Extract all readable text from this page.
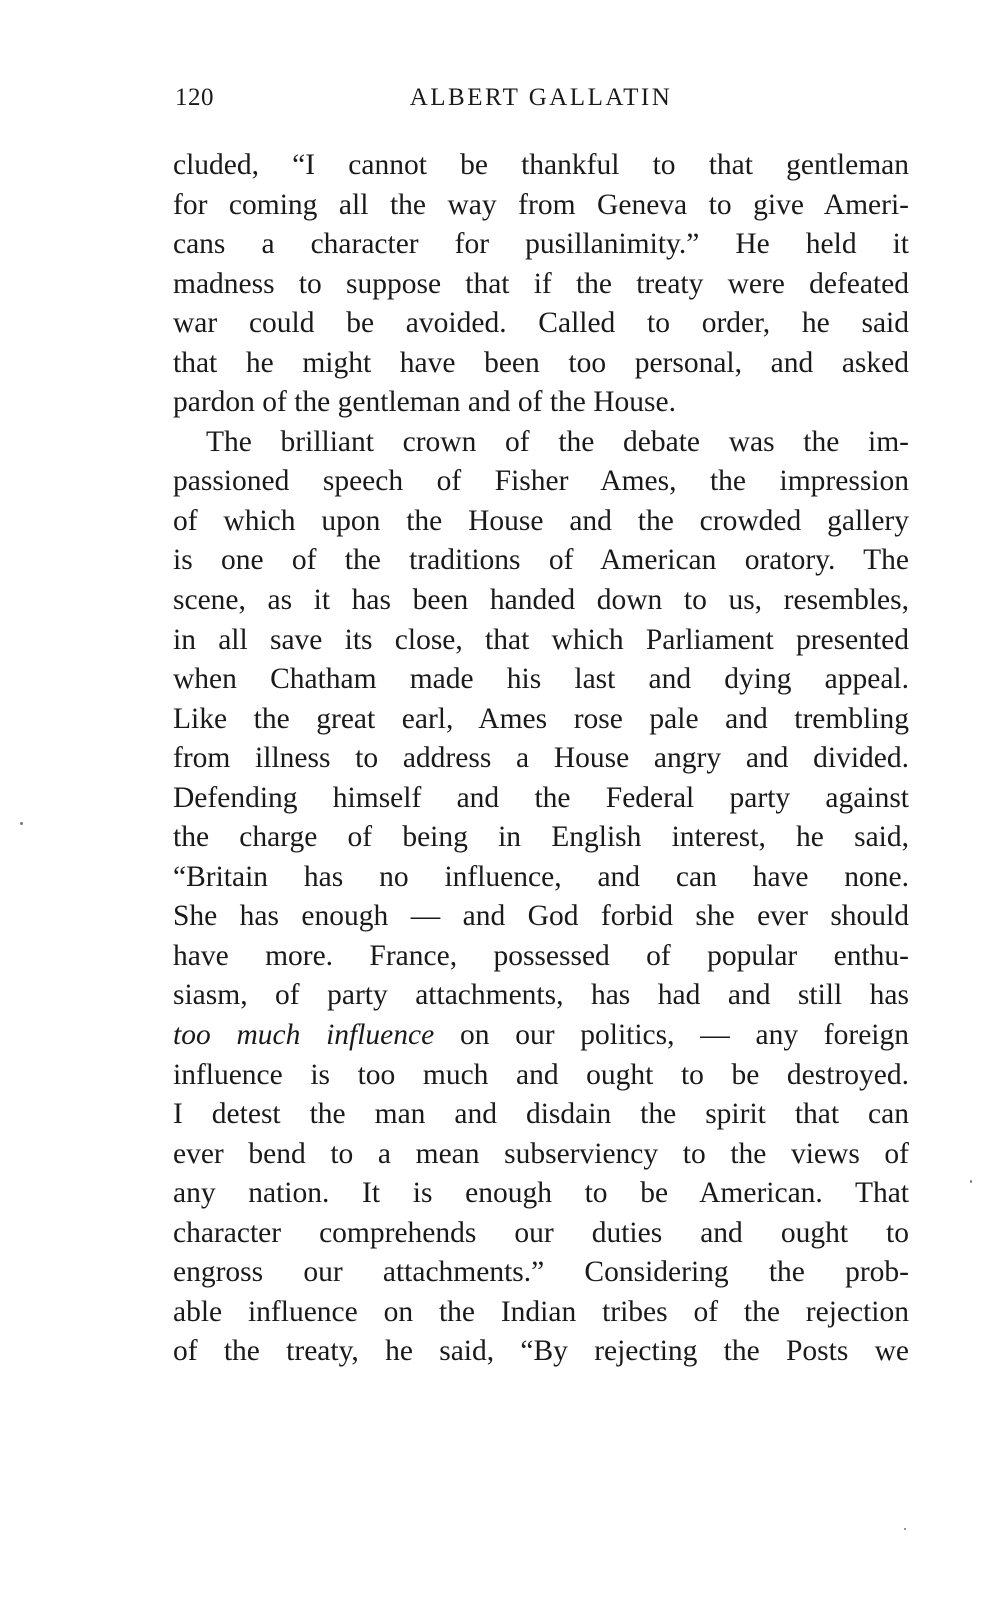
120	ALBERT GALLATIN
cluded, “I cannot be thankful to that gentleman
for coming all the way from Geneva to give Ameri-
cans a character for pusillanimity.” He held it
madness to suppose that if the treaty were defeated
war could be avoided. Called to order, he said
that he might have been too personal, and asked
pardon of the gentleman and of the House.
The brilliant crown of the debate was the im-
passioned speech of Fisher Ames, the impression
of which upon the House and the crowded gallery
is one of the traditions of American oratory. The
scene, as it has been handed down to us, resembles,
in all save its close, that which Parliament presented
when Chatham made his last and dying appeal.
Like the great earl, Ames rose pale and trembling
from illness to address a House angry and divided.
Defending himself and the Federal party against
the charge of being in English interest, he said,
“Britain has no influence, and can have none.
She has enough — and God forbid she ever should
have more. France, possessed of popular enthu-
siasm, of party attachments, has had and still has
too much influence on our politics, — any foreign
influence is too much and ought to be destroyed.
I detest the man and disdain the spirit that can
ever bend to a mean subserviency to the views of
any nation. It is enough to be American. That
character comprehends our duties and ought to
engross our attachments.” Considering the prob-
able influence on the Indian tribes of the rejection
of the treaty, he said, “By rejecting the Posts we
